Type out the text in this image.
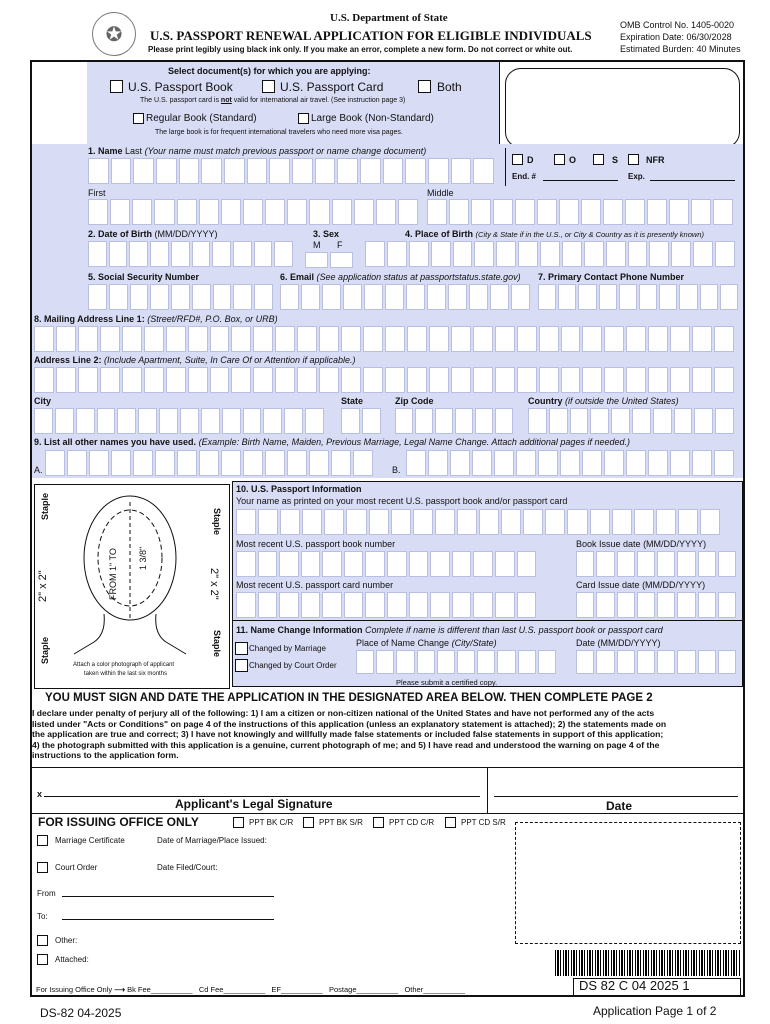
✪
U.S. Department of State
U.S. PASSPORT RENEWAL APPLICATION FOR ELIGIBLE INDIVIDUALS
Please print legibly using black ink only. If you make an error, complete a new form. Do not correct or white out.
OMB Control No. 1405-0020
Expiration Date: 06/30/2028
Estimated Burden: 40 Minutes
Select document(s) for which you are applying:
U.S. Passport Book	U.S. Passport Card	Both
The U.S. passport card is not valid for international air travel. (See instruction page 3)
Regular Book (Standard)	Large Book (Non-Standard)
The large book is for frequent international travelers who need more visa pages.
1. Name Last (Your name must match previous passport or name change document)
D	O	S	NFR
End. #	Exp.
First	Middle
2. Date of Birth (MM/DD/YYYY)	3. Sex
M F
4. Place of Birth (City & State if in the U.S., or City & Country as it is presently known)
5. Social Security Number	6. Email (See application status at passportstatus.state.gov) 7. Primary Contact Phone Number
8. Mailing Address Line 1: (Street/RFD#, P.O. Box, or URB)
Address Line 2: (Include Apartment, Suite, In Care Of or Attention if applicable.)
City	State	Zip Code	Country (if outside the United States)
9. List all other names you have used. (Example: Birth Name, Maiden, Previous Marriage, Legal Name Change. Attach additional pages if needed.)
A.	B.
Staple
2" x 2"
Staple
Staple
2" x 2"
Staple
FROM 1" TO 1 3/8"
Attach a color photograph of applicant
taken within the last six months
10. U.S. Passport Information
Your name as printed on your most recent U.S. passport book and/or passport card
Most recent U.S. passport book number	Book Issue date (MM/DD/YYYY)
Most recent U.S. passport card number	Card Issue date (MM/DD/YYYY)
11. Name Change Information Complete if name is different than last U.S. passport book or passport card
Changed by Marriage
Changed by Court Order
Place of Name Change (City/State)	Date (MM/DD/YYYY)
Please submit a certified copy.
YOU MUST SIGN AND DATE THE APPLICATION IN THE DESIGNATED AREA BELOW. THEN COMPLETE PAGE 2
I declare under penalty of perjury all of the following: 1) I am a citizen or non-citizen national of the United States and have not performed any of the acts
listed under "Acts or Conditions" on page 4 of the instructions of this application (unless an explanatory statement is attached); 2) the statements made on
the application are true and correct; 3) I have not knowingly and willfully made false statements or included false statements in support of this application;
4) the photograph submitted with this application is a genuine, current photograph of me; and 5) I have read and understood the warning on page 4 of the
instructions to the application form.
x
Applicant's Legal Signature	Date
FOR ISSUING OFFICE ONLY	PPT BK C/R	PPT BK S/R	PPT CD C/R	PPT CD S/R
Marriage Certificate	Date of Marriage/Place Issued:
Court Order	Date Filed/Court:
From
To:
Other:
Attached:
DS 82 C 04 2025 1
For Issuing Office Only ⟶ Bk Fee__________   Cd Fee__________   EF__________   Postage__________   Other__________
DS-82 04-2025	Application Page 1 of 2
